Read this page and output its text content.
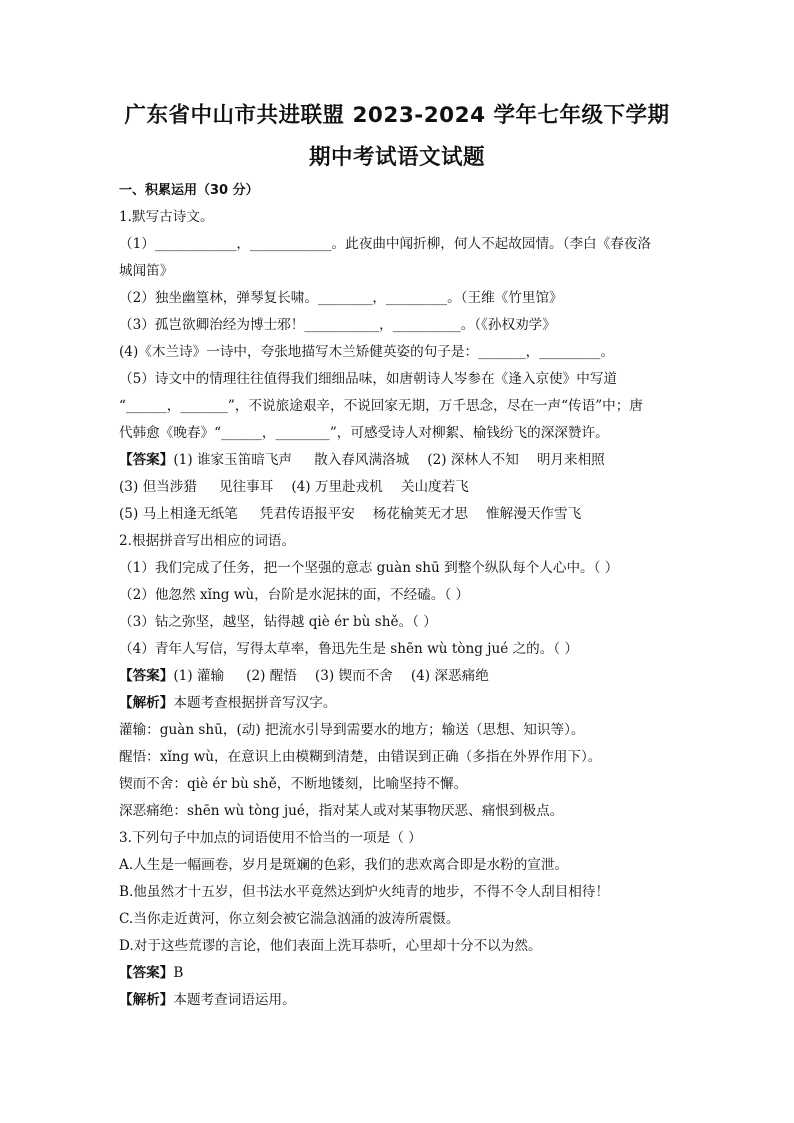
广东省中山市共进联盟 2023-2024 学年七年级下学期
期中考试语文试题
一、积累运用（30 分）
1.默写古诗文。
（1）____________，____________。此夜曲中闻折柳，何人不起故园情。（李白《春夜洛
城闻笛》
（2）独坐幽篁林，弹琴复长啸。________，_________。（王维《竹里馆》
（3）孤岂欲卿治经为博士邪！___________，__________。（《孙权劝学》
(4)《木兰诗》一诗中，夸张地描写木兰矫健英姿的句子是：_______，_________。
（5）诗文中的情理往往值得我们细细品味，如唐朝诗人岑参在《逢入京使》中写道
“______，_______”，不说旅途艰辛，不说回家无期，万千思念，尽在一声“传语”中；唐
代韩愈《晚春》“______，________”，可感受诗人对柳絮、榆钱纷飞的深深赞许。
【答案】(1) 谁家玉笛暗飞声 散入春风满洛城 (2) 深林人不知 明月来相照
(3) 但当涉猎 见往事耳 (4) 万里赴戎机 关山度若飞
(5) 马上相逢无纸笔 凭君传语报平安 杨花榆荚无才思 惟解漫天作雪飞
2.根据拼音写出相应的词语。
（1）我们完成了任务，把一个坚强的意志 guàn shū 到整个纵队每个人心中。（ ）
（2）他忽然 xǐng wù，台阶是水泥抹的面，不经磕。（ ）
（3）钻之弥坚，越坚，钻得越 qiè ér bù shě。（ ）
（4）青年人写信，写得太草率，鲁迅先生是 shēn wù tòng jué 之的。（ ）
【答案】(1) 灌输 (2) 醒悟 (3) 锲而不舍 (4) 深恶痛绝
【解析】本题考查根据拼音写汉字。
灌输：guàn shū，(动) 把流水引导到需要水的地方；输送（思想、知识等）。
醒悟：xǐng wù，在意识上由模糊到清楚，由错误到正确（多指在外界作用下）。
锲而不舍：qiè ér bù shě，不断地镂刻，比喻坚持不懈。
深恶痛绝：shēn wù tòng jué，指对某人或对某事物厌恶、痛恨到极点。
3.下列句子中加点的词语使用不恰当的一项是（ ）
A.人生是一幅画卷，岁月是斑斓的色彩，我们的悲欢离合即是水粉的宣泄。
B.他虽然才十五岁，但书法水平竟然达到炉火纯青的地步，不得不令人刮目相待！
C.当你走近黄河，你立刻会被它湍急汹涌的波涛所震慑。
D.对于这些荒谬的言论，他们表面上洗耳恭听，心里却十分不以为然。
【答案】B
【解析】本题考查词语运用。
